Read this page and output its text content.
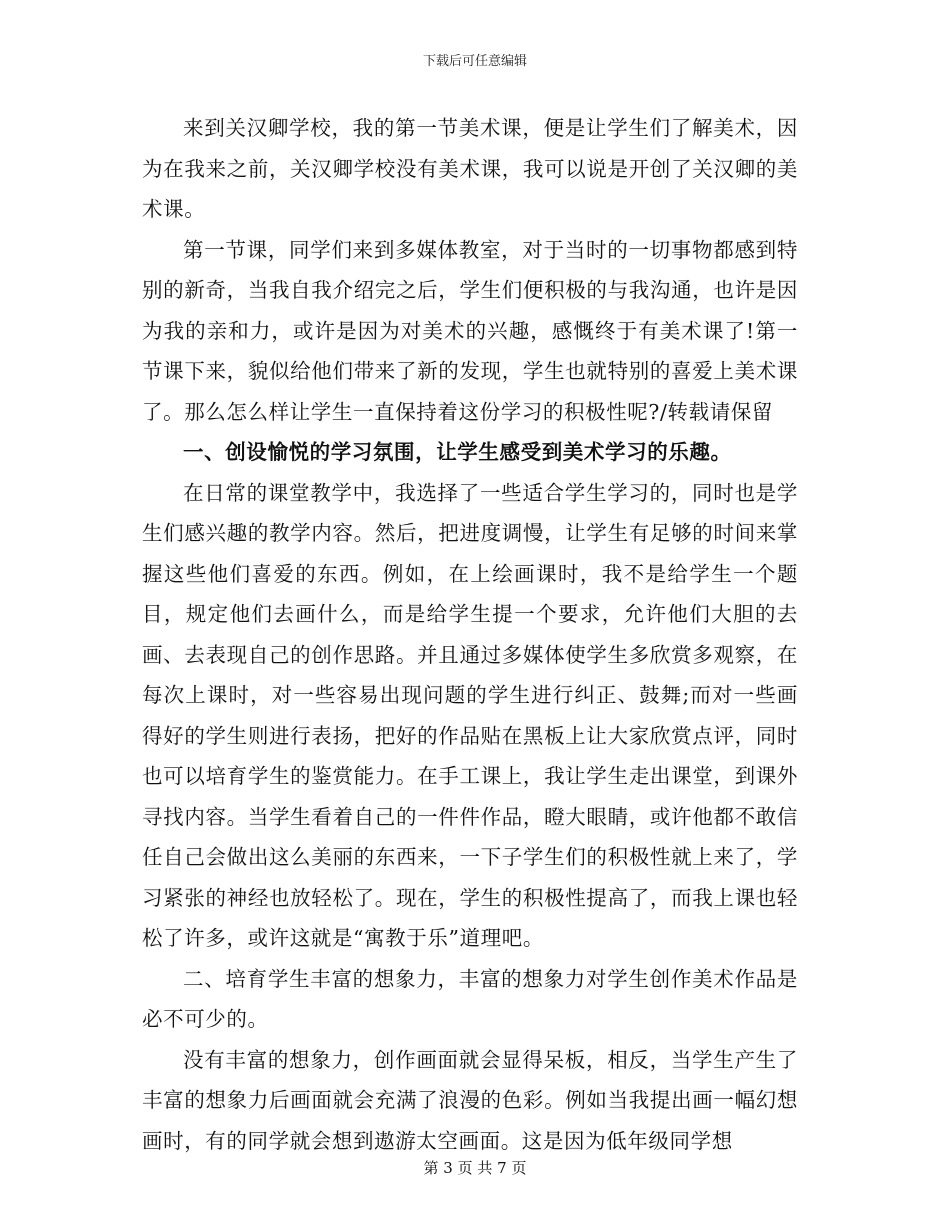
下载后可任意编辑

来到关汉卿学校，我的第一节美术课，便是让学生们了解美术，因为在我来之前，关汉卿学校没有美术课，我可以说是开创了关汉卿的美术课。

第一节课，同学们来到多媒体教室，对于当时的一切事物都感到特别的新奇，当我自我介绍完之后，学生们便积极的与我沟通，也许是因为我的亲和力，或许是因为对美术的兴趣，感慨终于有美术课了!第一节课下来，貌似给他们带来了新的发现，学生也就特别的喜爱上美术课了。那么怎么样让学生一直保持着这份学习的积极性呢?/转载请保留

一、创设愉悦的学习氛围，让学生感受到美术学习的乐趣。

在日常的课堂教学中，我选择了一些适合学生学习的，同时也是学生们感兴趣的教学内容。然后，把进度调慢，让学生有足够的时间来掌握这些他们喜爱的东西。例如，在上绘画课时，我不是给学生一个题目，规定他们去画什么，而是给学生提一个要求，允许他们大胆的去画、去表现自己的创作思路。并且通过多媒体使学生多欣赏多观察，在每次上课时，对一些容易出现问题的学生进行纠正、鼓舞;而对一些画得好的学生则进行表扬，把好的作品贴在黑板上让大家欣赏点评，同时也可以培育学生的鉴赏能力。在手工课上，我让学生走出课堂，到课外寻找内容。当学生看着自己的一件件作品，瞪大眼睛，或许他都不敢信任自己会做出这么美丽的东西来，一下子学生们的积极性就上来了，学习紧张的神经也放轻松了。现在，学生的积极性提高了，而我上课也轻松了许多，或许这就是“寓教于乐”道理吧。

二、培育学生丰富的想象力，丰富的想象力对学生创作美术作品是必不可少的。

没有丰富的想象力，创作画面就会显得呆板，相反，当学生产生了丰富的想象力后画面就会充满了浪漫的色彩。例如当我提出画一幅幻想画时，有的同学就会想到遨游太空画面。这是因为低年级同学想

第 3 页 共 7 页
